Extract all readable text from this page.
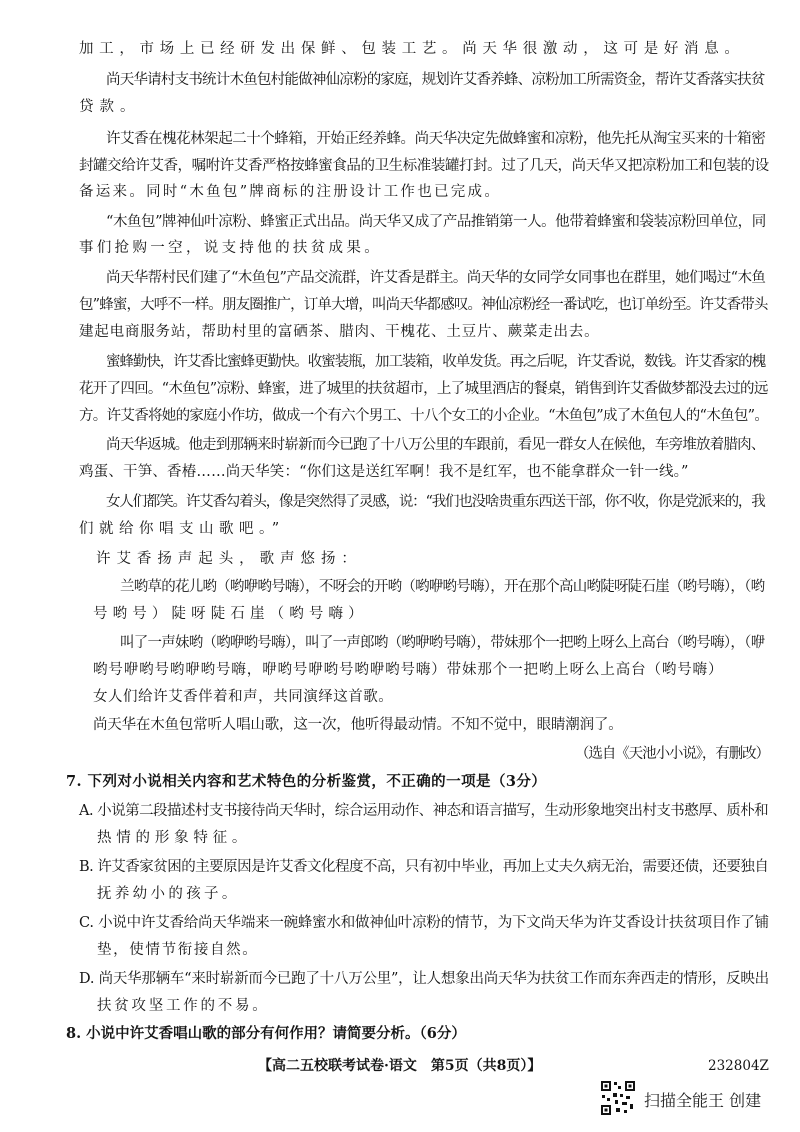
加工，市场上已经研发出保鲜、包装工艺。尚天华很激动，这可是好消息。
尚天华请村支书统计木鱼包村能做神仙凉粉的家庭，规划许艾香养蜂、凉粉加工所需资金，帮许艾香落实扶贫
贷款。
许艾香在槐花林架起二十个蜂箱，开始正经养蜂。尚天华决定先做蜂蜜和凉粉，他先托从淘宝买来的十箱密
封罐交给许艾香，嘱咐许艾香严格按蜂蜜食品的卫生标准装罐打封。过了几天，尚天华又把凉粉加工和包装的设
备运来。同时“木鱼包”牌商标的注册设计工作也已完成。
“木鱼包”牌神仙叶凉粉、蜂蜜正式出品。尚天华又成了产品推销第一人。他带着蜂蜜和袋装凉粉回单位，同
事们抢购一空，说支持他的扶贫成果。
尚天华帮村民们建了“木鱼包”产品交流群，许艾香是群主。尚天华的女同学女同事也在群里，她们喝过“木鱼
包”蜂蜜，大呼不一样。朋友圈推广，订单大增，叫尚天华都感叹。神仙凉粉经一番试吃，也订单纷至。许艾香带头
建起电商服务站，帮助村里的富硒茶、腊肉、干槐花、土豆片、蕨菜走出去。
蜜蜂勤快，许艾香比蜜蜂更勤快。收蜜装瓶，加工装箱，收单发货。再之后呢，许艾香说，数钱。许艾香家的槐
花开了四回。“木鱼包”凉粉、蜂蜜，进了城里的扶贫超市，上了城里酒店的餐桌，销售到许艾香做梦都没去过的远
方。许艾香将她的家庭小作坊，做成一个有六个男工、十八个女工的小企业。“木鱼包”成了木鱼包人的“木鱼包”。
尚天华返城。他走到那辆来时崭新而今已跑了十八万公里的车跟前，看见一群女人在候他，车旁堆放着腊肉、
鸡蛋、干笋、香椿……尚天华笑：“你们这是送红军啊！我不是红军，也不能拿群众一针一线。”
女人们都笑。许艾香勾着头，像是突然得了灵感，说：“我们也没啥贵重东西送干部，你不收，你是党派来的，我
们就给你唱支山歌吧。”
许艾香扬声起头，歌声悠扬：
兰哟草的花儿哟（哟咿哟号嗨），不呀会的开哟（哟咿哟号嗨），开在那个高山哟陡呀陡石崖（哟号嗨），（哟
号哟号）陡呀陡石崖（哟号嗨）
叫了一声妹哟（哟咿哟号嗨），叫了一声郎哟（哟咿哟号嗨），带妹那个一把哟上呀么上高台（哟号嗨），（咿
哟号咿哟号哟咿哟号嗨，咿哟号咿哟号哟咿哟号嗨）带妹那个一把哟上呀么上高台（哟号嗨）
女人们给许艾香伴着和声，共同演绎这首歌。
尚天华在木鱼包常听人唱山歌，这一次，他听得最动情。不知不觉中，眼睛潮润了。
（选自《天池小小说》，有删改）
7. 下列对小说相关内容和艺术特色的分析鉴赏，不正确的一项是（3分）
A. 小说第二段描述村支书接待尚天华时，综合运用动作、神态和语言描写，生动形象地突出村支书憨厚、质朴和
热情的形象特征。
B. 许艾香家贫困的主要原因是许艾香文化程度不高，只有初中毕业，再加上丈夫久病无治，需要还债，还要独自
抚养幼小的孩子。
C. 小说中许艾香给尚天华端来一碗蜂蜜水和做神仙叶凉粉的情节，为下文尚天华为许艾香设计扶贫项目作了铺
垫，使情节衔接自然。
D. 尚天华那辆车“来时崭新而今已跑了十八万公里”，让人想象出尚天华为扶贫工作而东奔西走的情形，反映出
扶贫攻坚工作的不易。
8. 小说中许艾香唱山歌的部分有何作用？请简要分析。（6分）
【高二五校联考试卷·语文　第5页（共8页）】	232804Z
扫描全能王 创建
